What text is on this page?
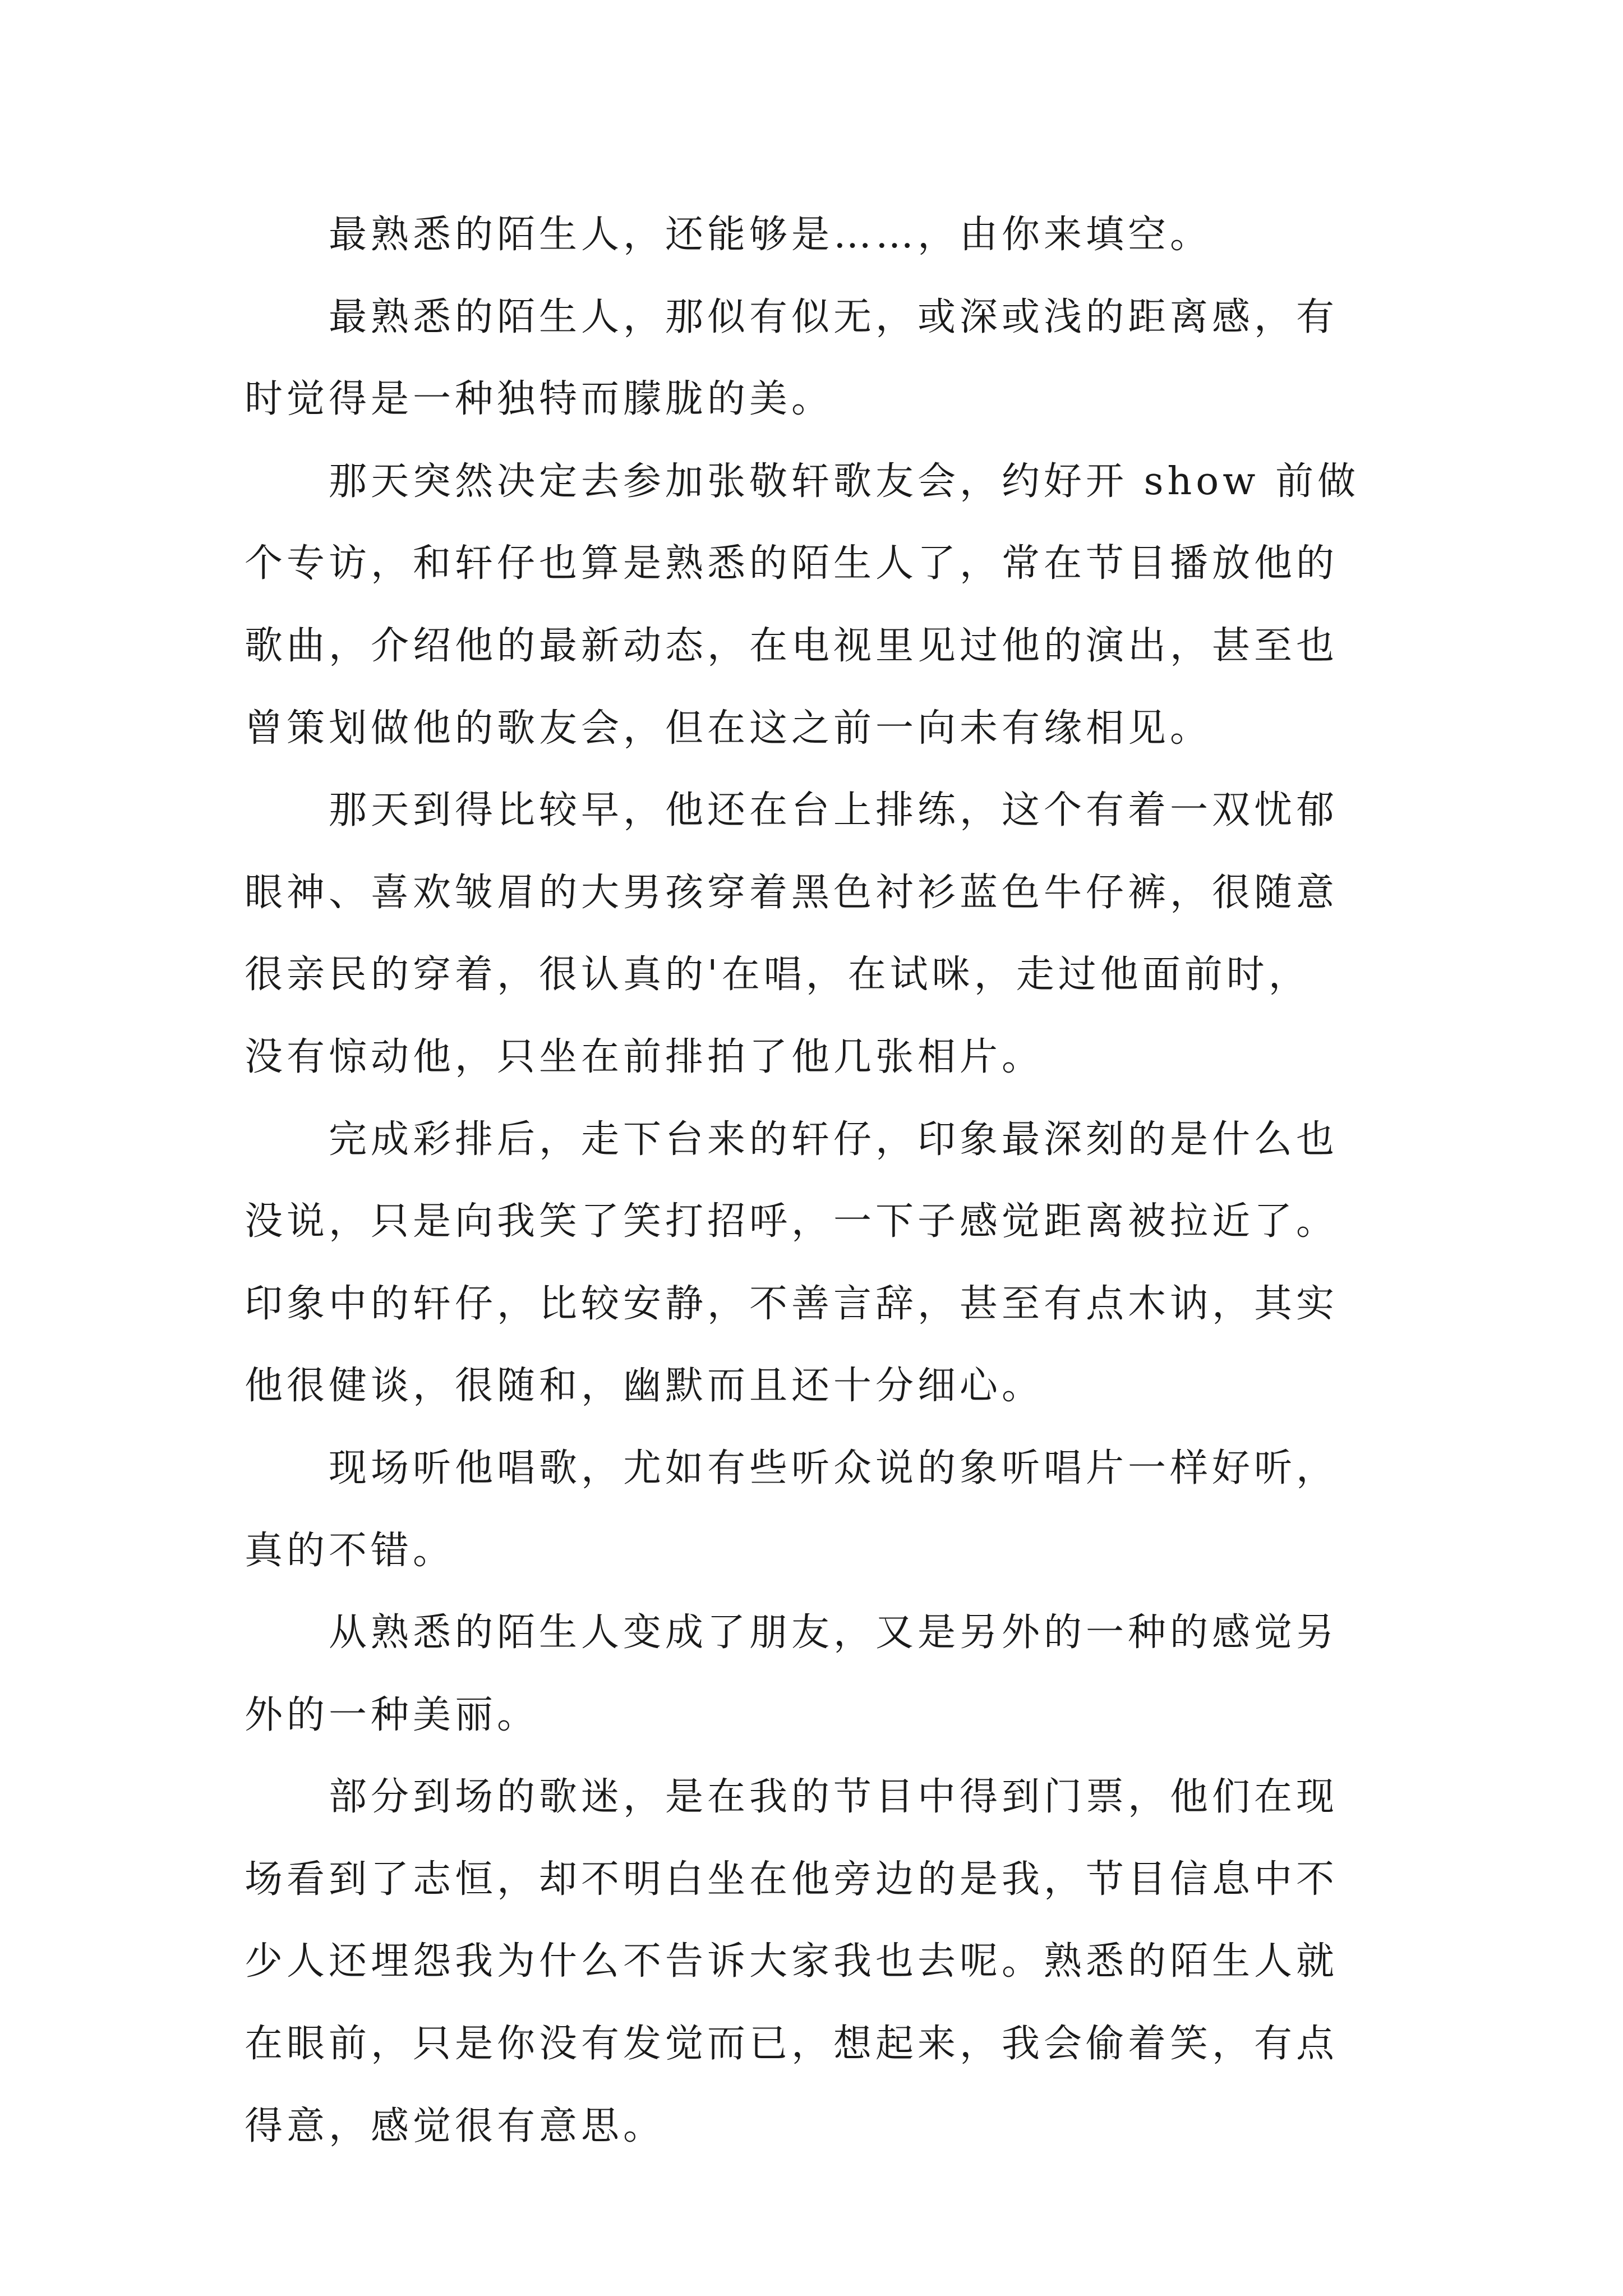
最熟悉的陌生人，还能够是……，由你来填空。
最熟悉的陌生人，那似有似无，或深或浅的距离感，有
时觉得是一种独特而朦胧的美。
那天突然决定去参加张敬轩歌友会，约好开 show 前做
个专访，和轩仔也算是熟悉的陌生人了，常在节目播放他的
歌曲，介绍他的最新动态，在电视里见过他的演出，甚至也
曾策划做他的歌友会，但在这之前一向未有缘相见。
那天到得比较早，他还在台上排练，这个有着一双忧郁
眼神、喜欢皱眉的大男孩穿着黑色衬衫蓝色牛仔裤，很随意
很亲民的穿着，很认真的'在唱，在试咪，走过他面前时，
没有惊动他，只坐在前排拍了他几张相片。
完成彩排后，走下台来的轩仔，印象最深刻的是什么也
没说，只是向我笑了笑打招呼，一下子感觉距离被拉近了。
印象中的轩仔，比较安静，不善言辞，甚至有点木讷，其实
他很健谈，很随和，幽默而且还十分细心。
现场听他唱歌，尤如有些听众说的象听唱片一样好听，
真的不错。
从熟悉的陌生人变成了朋友，又是另外的一种的感觉另
外的一种美丽。
部分到场的歌迷，是在我的节目中得到门票，他们在现
场看到了志恒，却不明白坐在他旁边的是我，节目信息中不
少人还埋怨我为什么不告诉大家我也去呢。熟悉的陌生人就
在眼前，只是你没有发觉而已，想起来，我会偷着笑，有点
得意，感觉很有意思。
